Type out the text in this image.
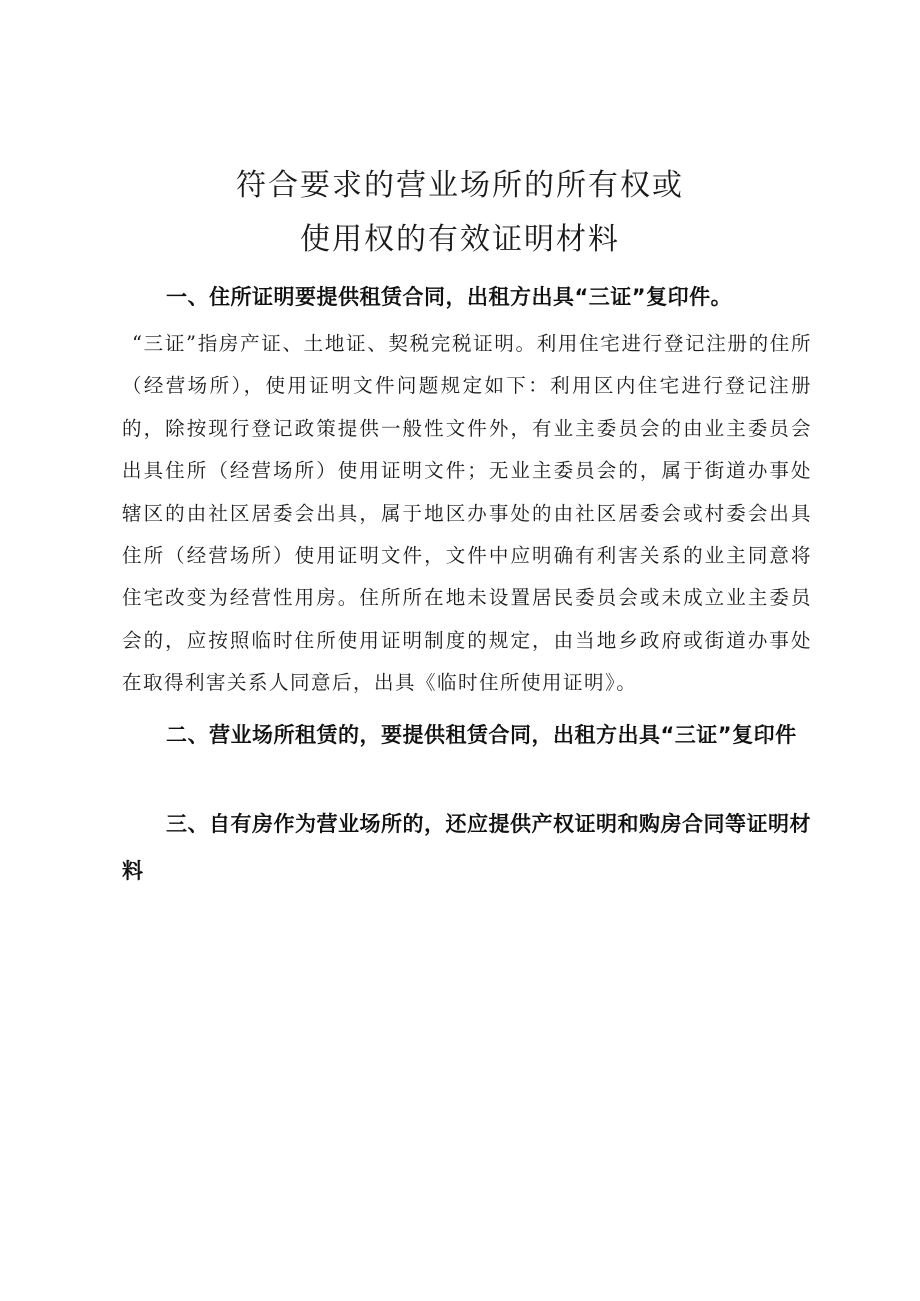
符合要求的营业场所的所有权或
使用权的有效证明材料
一、住所证明要提供租赁合同，出租方出具“三证”复印件。
“三证”指房产证、土地证、契税完税证明。利用住宅进行登记注册的住所（经营场所），使用证明文件问题规定如下：利用区内住宅进行登记注册的，除按现行登记政策提供一般性文件外，有业主委员会的由业主委员会出具住所（经营场所）使用证明文件；无业主委员会的，属于街道办事处辖区的由社区居委会出具，属于地区办事处的由社区居委会或村委会出具住所（经营场所）使用证明文件，文件中应明确有利害关系的业主同意将住宅改变为经营性用房。住所所在地未设置居民委员会或未成立业主委员会的，应按照临时住所使用证明制度的规定，由当地乡政府或街道办事处在取得利害关系人同意后，出具《临时住所使用证明》。
二、营业场所租赁的，要提供租赁合同，出租方出具“三证”复印件
三、自有房作为营业场所的，还应提供产权证明和购房合同等证明材料
